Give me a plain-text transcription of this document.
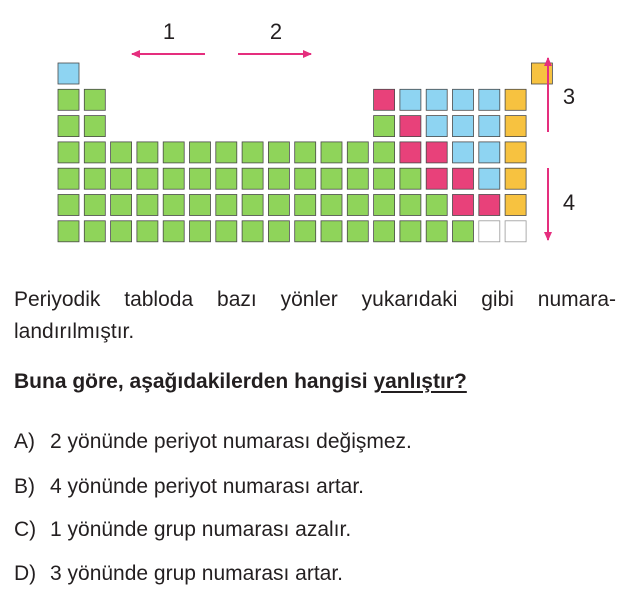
1	2
3
4

Periyodik tabloda bazı yönler yukarıdaki gibi numara-
landırılmıştır.

Buna göre, aşağıdakilerden hangisi yanlıştır?

A) 2 yönünde periyot numarası değişmez.

B) 4 yönünde periyot numarası artar.

C) 1 yönünde grup numarası azalır.

D) 3 yönünde grup numarası artar.
